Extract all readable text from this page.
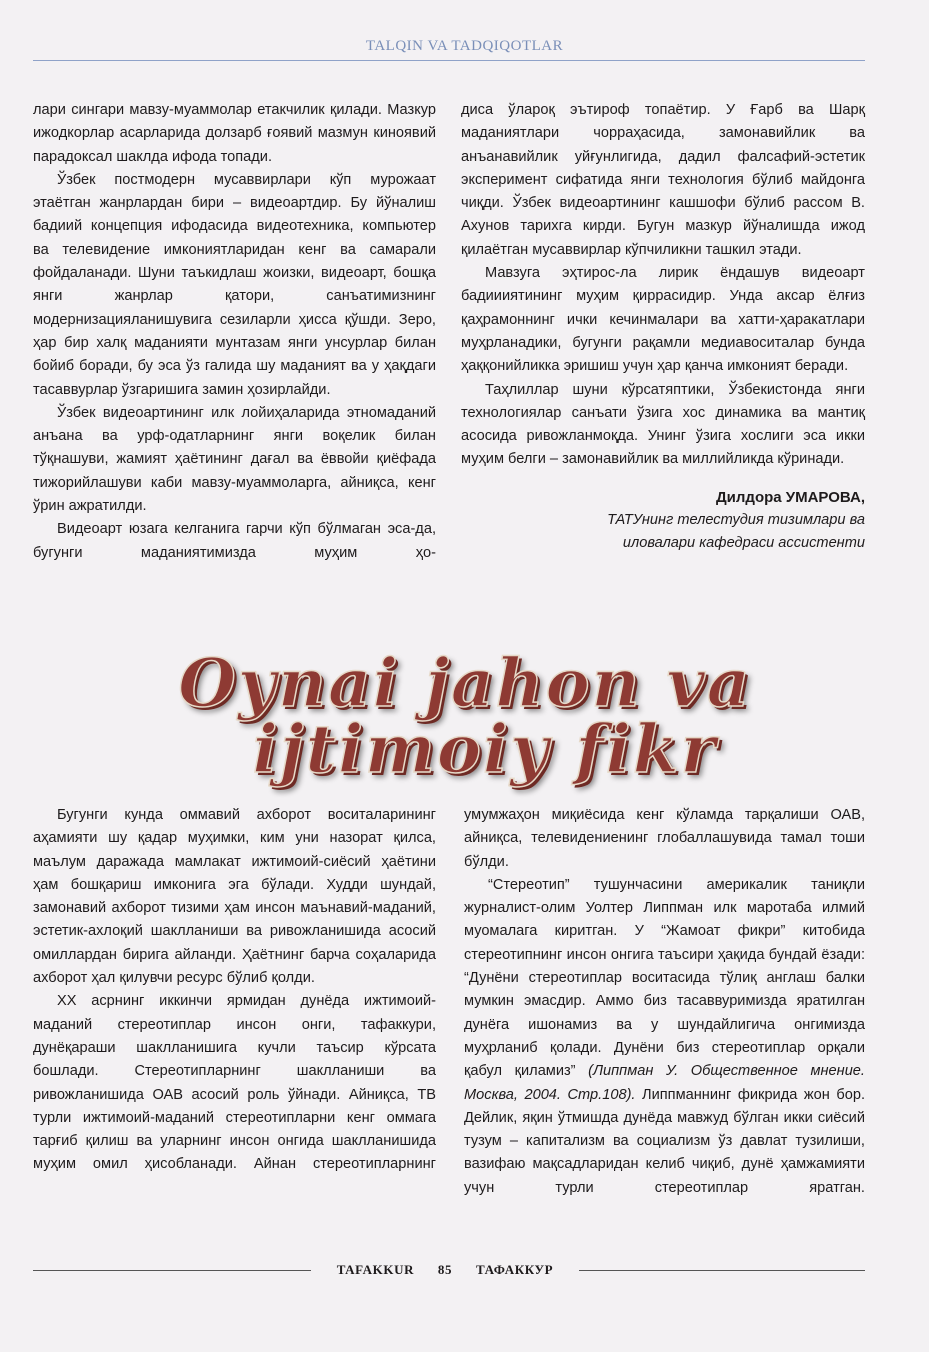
TALQIN VA TADQIQOTLAR

лари сингари мавзу-муаммолар етакчилик қилади. Мазкур ижодкорлар асарларида долзарб ғоявий мазмун киноявий парадоксал шаклда ифода топади.

Ўзбек постмодерн мусаввирлари кўп мурожаат этаётган жанрлардан бири – видеоартдир. Бу йўналиш бадиий концепция ифодасида видеотехника, компьютер ва телевидение имкониятларидан кенг ва самарали фойдаланади. Шуни таъкидлаш жоизки, видеоарт, бошқа янги жанрлар қатори, санъатимизнинг модернизацияланишувига сезиларли ҳисса қўшди. Зеро, ҳар бир халқ маданияти мунтазам янги унсурлар билан бойиб боради, бу эса ўз галида шу маданият ва у ҳақдаги тасаввурлар ўзгаришига замин ҳозирлайди.

Ўзбек видеоартининг илк лойиҳаларида этномаданий анъана ва урф-одатларнинг янги воқелик билан тўқнашуви, жамият ҳаётининг дағал ва ёввойи қиёфада тижорийлашуви каби мавзу-муаммоларга, айниқса, кенг ўрин ажратилди.

Видеоарт юзага келганига гарчи кўп бўлмаган эса-да, бугунги маданиятимизда муҳим ҳо-

диса ўлароқ эътироф топаётир. У Ғарб ва Шарқ маданиятлари чорраҳасида, замонавийлик ва анъанавийлик уйғунлигида, дадил фалсафий-эстетик эксперимент сифатида янги технология бўлиб майдонга чиқди. Ўзбек видеоартининг кашшофи бўлиб рассом В. Ахунов тарихга кирди. Бугун мазкур йўналишда ижод қилаётган мусаввирлар кўпчиликни ташкил этади.

Мавзуга эҳтирос-ла лирик ёндашув видеоарт бадиииятининг муҳим қиррасидир. Унда аксар ёлғиз қаҳрамоннинг ички кечинмалари ва хатти-ҳаракатлари муҳрланадики, бугунги рақамли медиавоситалар бунда ҳаққонийликка эришиш учун ҳар қанча имконият беради.

Таҳлиллар шуни кўрсатяптики, Ўзбекистонда янги технологиялар санъати ўзига хос динамика ва мантиқ асосида ривожланмоқда. Унинг ўзига хослиги эса икки муҳим белги – замонавийлик ва миллийликда кўринади.

Дилдора УМАРОВА,
ТАТУнинг телестудия тизимлари ва
иловалари кафедраси ассистенти

Oynai jahon va
ijtimoiy fikr

Бугунги кунда оммавий ахборот воситаларининг аҳамияти шу қадар муҳимки, ким уни назорат қилса, маълум даражада мамлакат ижтимоий-сиёсий ҳаётини ҳам бошқариш имконига эга бўлади. Худди шундай, замонавий ахборот тизими ҳам инсон маънавий-маданий, эстетик-ахлоқий шаклланиши ва ривожланишида асосий омиллардан бирига айланди. Ҳаётнинг барча соҳаларида ахборот ҳал қилувчи ресурс бўлиб қолди.

XX асрнинг иккинчи ярмидан дунёда ижтимоий-маданий стереотиплар инсон онги, тафаккури, дунёқараши шаклланишига кучли таъсир кўрсата бошлади. Стереотипларнинг шаклланиши ва ривожланишида ОАВ асосий роль ўйнади. Айниқса, ТВ турли ижтимоий-маданий стереотипларни кенг оммага тарғиб қилиш ва уларнинг инсон онгида шаклланишида муҳим омил ҳисобланади. Айнан стереотипларнинг

умумжаҳон миқиёсида кенг кўламда тарқалиши ОАВ, айниқса, телевидениенинг глобаллашувида тамал тоши бўлди.

“Стереотип” тушунчасини америкалик таниқли журналист-олим Уолтер Липпман илк маротаба илмий муомалага киритган. У “Жамоат фикри” китобида стереотипнинг инсон онгига таъсири ҳақида бундай ёзади: “Дунёни стереотиплар воситасида тўлиқ англаш балки мумкин эмасдир. Аммо биз тасаввуримизда яратилган дунёга ишонамиз ва у шундайлигича онгимизда муҳрланиб қолади. Дунёни биз стереотиплар орқали қабул қиламиз” (Липпман У. Общественное мнение. Москва, 2004. Стр.108). Липпманнинг фикрида жон бор. Дейлик, яқин ўтмишда дунёда мавжуд бўлган икки сиёсий тузум – капитализм ва социализм ўз давлат тузилиши, вазифаю мақсадларидан келиб чиқиб, дунё ҳамжамияти учун турли стереотиплар яратган.

TAFAKKUR 85 ТАФАККУР
